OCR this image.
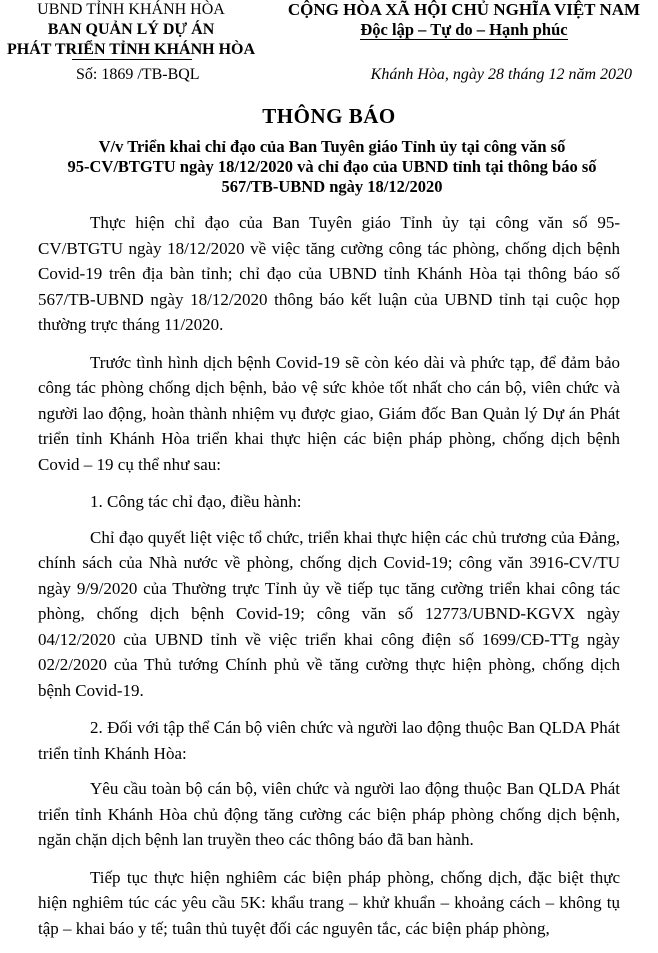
UBND TỈNH KHÁNH HÒA
BAN QUẢN LÝ DỰ ÁN
PHÁT TRIỂN TỈNH KHÁNH HÒA
CỘNG HÒA XÃ HỘI CHỦ NGHĨA VIỆT NAM
Độc lập – Tự do – Hạnh phúc
Số: 1869 /TB-BQL	Khánh Hòa, ngày 28 tháng 12 năm 2020
THÔNG BÁO
V/v Triển khai chỉ đạo của Ban Tuyên giáo Tỉnh ủy tại công văn số
95-CV/BTGTU ngày 18/12/2020 và chỉ đạo của UBND tỉnh tại thông báo số
567/TB-UBND ngày 18/12/2020

Thực hiện chỉ đạo của Ban Tuyên giáo Tỉnh ủy tại công văn số 95-CV/BTGTU ngày 18/12/2020 về việc tăng cường công tác phòng, chống dịch bệnh Covid-19 trên địa bàn tỉnh; chỉ đạo của UBND tỉnh Khánh Hòa tại thông báo số 567/TB-UBND ngày 18/12/2020 thông báo kết luận của UBND tỉnh tại cuộc họp thường trực tháng 11/2020.

Trước tình hình dịch bệnh Covid-19 sẽ còn kéo dài và phức tạp, để đảm bảo công tác phòng chống dịch bệnh, bảo vệ sức khỏe tốt nhất cho cán bộ, viên chức và người lao động, hoàn thành nhiệm vụ được giao, Giám đốc Ban Quản lý Dự án Phát triển tỉnh Khánh Hòa triển khai thực hiện các biện pháp phòng, chống dịch bệnh Covid – 19 cụ thể như sau:

1. Công tác chỉ đạo, điều hành:

Chỉ đạo quyết liệt việc tổ chức, triển khai thực hiện các chủ trương của Đảng, chính sách của Nhà nước về phòng, chống dịch Covid-19; công văn 3916-CV/TU ngày 9/9/2020 của Thường trực Tỉnh ủy về tiếp tục tăng cường triển khai công tác phòng, chống dịch bệnh Covid-19; công văn số 12773/UBND-KGVX ngày 04/12/2020 của UBND tỉnh về việc triển khai công điện số 1699/CĐ-TTg ngày 02/2/2020 của Thủ tướng Chính phủ về tăng cường thực hiện phòng, chống dịch bệnh Covid-19.

2. Đối với tập thể Cán bộ viên chức và người lao động thuộc Ban QLDA Phát triển tỉnh Khánh Hòa:

Yêu cầu toàn bộ cán bộ, viên chức và người lao động thuộc Ban QLDA Phát triển tỉnh Khánh Hòa chủ động tăng cường các biện pháp phòng chống dịch bệnh, ngăn chặn dịch bệnh lan truyền theo các thông báo đã ban hành.

Tiếp tục thực hiện nghiêm các biện pháp phòng, chống dịch, đặc biệt thực hiện nghiêm túc các yêu cầu 5K: khẩu trang – khử khuẩn – khoảng cách – không tụ tập – khai báo y tế; tuân thủ tuyệt đối các nguyên tắc, các biện pháp phòng,
